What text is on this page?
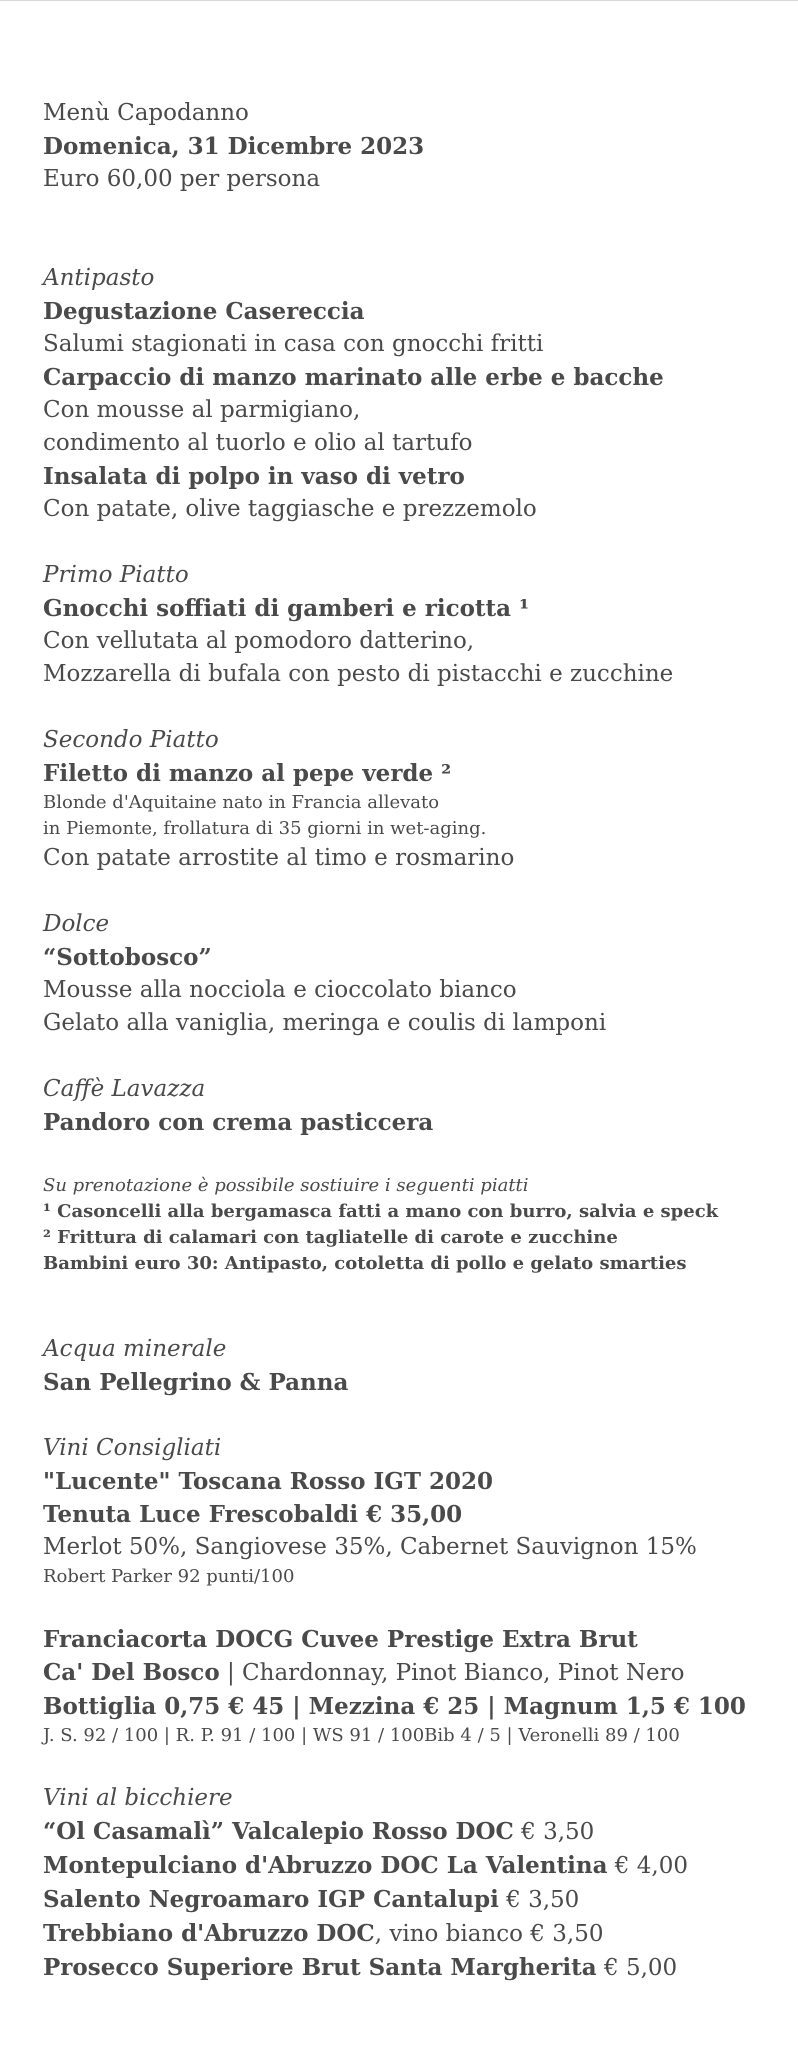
Menù Capodanno
Domenica, 31 Dicembre 2023
Euro 60,00 per persona
Antipasto
Degustazione Casereccia
Salumi stagionati in casa con gnocchi fritti
Carpaccio di manzo marinato alle erbe e bacche
Con mousse al parmigiano,
condimento al tuorlo e olio al tartufo
Insalata di polpo in vaso di vetro
Con patate, olive taggiasche e prezzemolo
Primo Piatto
Gnocchi soffiati di gamberi e ricotta ¹
Con vellutata al pomodoro datterino,
Mozzarella di bufala con pesto di pistacchi e zucchine
Secondo Piatto
Filetto di manzo al pepe verde ²
Blonde d'Aquitaine nato in Francia allevato
in Piemonte, frollatura di 35 giorni in wet-aging.
Con patate arrostite al timo e rosmarino
Dolce
“Sottobosco”
Mousse alla nocciola e cioccolato bianco
Gelato alla vaniglia, meringa e coulis di lamponi
Caffè Lavazza
Pandoro con crema pasticcera
Su prenotazione è possibile sostiuire i seguenti piatti
¹ Casoncelli alla bergamasca fatti a mano con burro, salvia e speck
² Frittura di calamari con tagliatelle di carote e zucchine
Bambini euro 30: Antipasto, cotoletta di pollo e gelato smarties
Acqua minerale
San Pellegrino & Panna
Vini Consigliati
"Lucente" Toscana Rosso IGT 2020
Tenuta Luce Frescobaldi € 35,00
Merlot 50%, Sangiovese 35%, Cabernet Sauvignon 15%
Robert Parker 92 punti/100
Franciacorta DOCG Cuvee Prestige Extra Brut
Ca' Del Bosco | Chardonnay, Pinot Bianco, Pinot Nero
Bottiglia 0,75 € 45 | Mezzina € 25 | Magnum 1,5 € 100
J. S. 92 / 100 | R. P. 91 / 100 | WS 91 / 100Bib 4 / 5 | Veronelli 89 / 100
Vini al bicchiere
“Ol Casamalì” Valcalepio Rosso DOC € 3,50
Montepulciano d'Abruzzo DOC La Valentina € 4,00
Salento Negroamaro IGP Cantalupi € 3,50
Trebbiano d'Abruzzo DOC, vino bianco € 3,50
Prosecco Superiore Brut Santa Margherita € 5,00
